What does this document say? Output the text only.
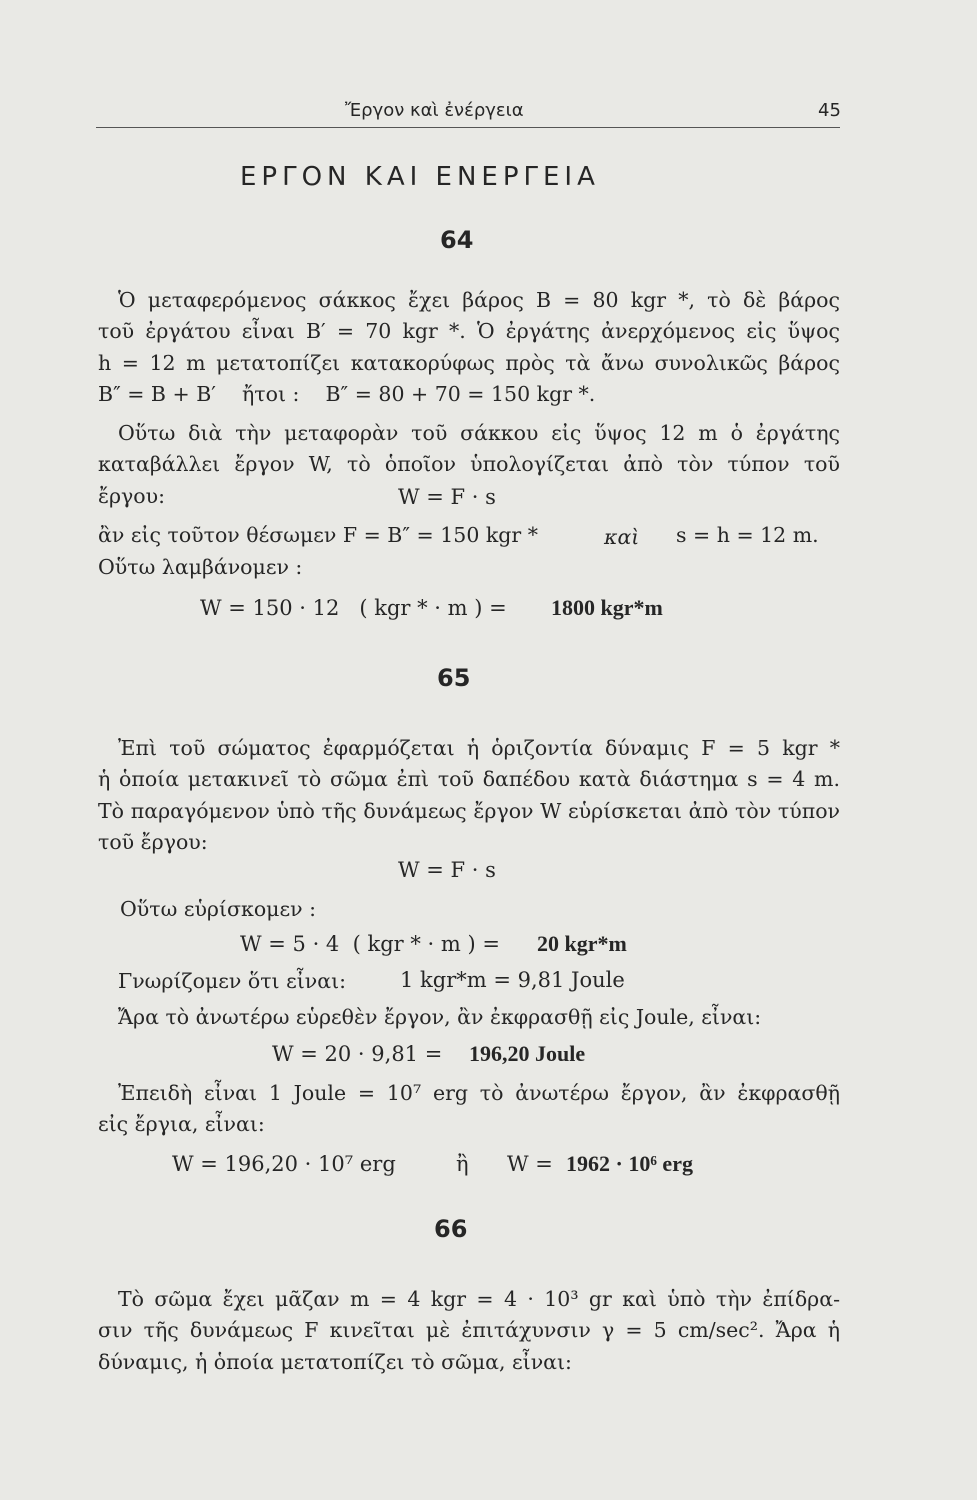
Ἔργον καὶ ἐνέργεια	45
ΕΡΓΟΝ ΚΑΙ ΕΝΕΡΓΕΙΑ
64
Ὁ μεταφερόμενος σάκκος ἔχει βάρος B = 80 kgr *, τὸ δὲ βάρος
τοῦ ἐργάτου εἶναι B′ = 70 kgr *. Ὁ ἐργάτης ἀνερχόμενος εἰς ὕψος
h = 12 m μετατοπίζει κατακορύφως πρὸς τὰ ἄνω συνολικῶς βάρος
B″ = B + B′    ἤτοι :    B″ = 80 + 70 = 150 kgr *.
Οὕτω διὰ τὴν μεταφορὰν τοῦ σάκκου εἰς ὕψος 12 m ὁ ἐργάτης
καταβάλλει ἔργον W, τὸ ὁποῖον ὑπολογίζεται ἀπὸ τὸν τύπον τοῦ ἔργου:	W = F · s
ἂν εἰς τοῦτον θέσωμεν F = B″ = 150 kgr *	καὶ s = h = 12 m.
Οὕτω λαμβάνομεν :
W = 150 · 12   ( kgr * · m ) = 1800 kgr*m
65
Ἐπὶ τοῦ σώματος ἐφαρμόζεται ἡ ὁριζοντία δύναμις F = 5 kgr *
ἡ ὁποία μετακινεῖ τὸ σῶμα ἐπὶ τοῦ δαπέδου κατὰ διάστημα s = 4 m.
Τὸ παραγόμενον ὑπὸ τῆς δυνάμεως ἔργον W εὑρίσκεται ἀπὸ τὸν τύπον
τοῦ ἔργου:
W = F · s
Οὕτω εὑρίσκομεν :
W = 5 · 4  ( kgr * · m ) = 20 kgr*m
Γνωρίζομεν ὅτι εἶναι:	1 kgr*m = 9,81 Joule
Ἄρα τὸ ἀνωτέρω εὑρεθὲν ἔργον, ἂν ἐκφρασθῇ εἰς Joule, εἶναι:
W = 20 · 9,81 = 196,20 Joule
Ἐπειδὴ εἶναι 1 Joule = 10⁷ erg τὸ ἀνωτέρω ἔργον, ἂν ἐκφρασθῇ
εἰς ἔργια, εἶναι:
W = 196,20 · 10⁷ erg	ἢ W = 1962 · 10⁶ erg
66
Τὸ σῶμα ἔχει μᾶζαν m = 4 kgr = 4 · 10³ gr καὶ ὑπὸ τὴν ἐπίδρα-
σιν τῆς δυνάμεως F κινεῖται μὲ ἐπιτάχυνσιν γ = 5 cm/sec². Ἄρα ἡ
δύναμις, ἡ ὁποία μετατοπίζει τὸ σῶμα, εἶναι:
